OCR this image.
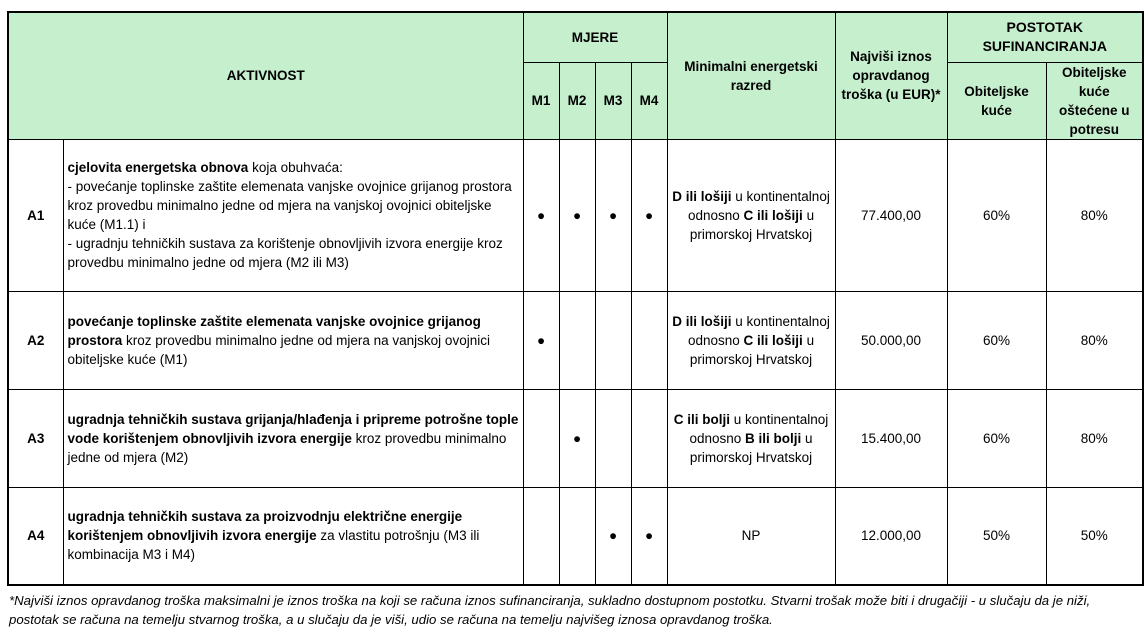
AKTIVNOST		MJERE				Minimalni energetski razred	Najviši iznos opravdanog troška (u EUR)*	POSTOTAK SUFINANCIRANJA	
		M1	M2	M3	M4			Obiteljske kuće	Obiteljske kuće oštećene u potresu
A1	cjelovita energetska obnova koja obuhvaća:
- povećanje toplinske zaštite elemenata vanjske ovojnice grijanog prostora kroz provedbu minimalno jedne od mjera na vanjskoj ovojnici obiteljske kuće (M1.1) i
- ugradnju tehničkih sustava za korištenje obnovljivih izvora energije kroz provedbu minimalno jedne od mjera (M2 ili M3)	●	●	●	●	D ili lošiji u kontinentalnoj odnosno C ili lošiji u primorskoj Hrvatskoj	77.400,00	60%	80%
A2	povećanje toplinske zaštite elemenata vanjske ovojnice grijanog prostora kroz provedbu minimalno jedne od mjera na vanjskoj ovojnici obiteljske kuće (M1)	●				D ili lošiji u kontinentalnoj odnosno C ili lošiji u primorskoj Hrvatskoj	50.000,00	60%	80%
A3	ugradnja tehničkih sustava grijanja/hlađenja i pripreme potrošne tople vode korištenjem obnovljivih izvora energije kroz provedbu minimalno jedne od mjera (M2)		●			C ili bolji u kontinentalnoj odnosno B ili bolji u primorskoj Hrvatskoj	15.400,00	60%	80%
A4	ugradnja tehničkih sustava za proizvodnju električne energije korištenjem obnovljivih izvora energije za vlastitu potrošnju (M3 ili kombinacija M3 i M4)			●	●	NP	12.000,00	50%	50%
*Najviši iznos opravdanog troška maksimalni je iznos troška na koji se računa iznos sufinanciranja, sukladno dostupnom postotku. Stvarni trošak može biti i drugačiji - u slučaju da je niži, postotak se računa na temelju stvarnog troška, a u slučaju da je viši, udio se računa na temelju najvišeg iznosa opravdanog troška.
